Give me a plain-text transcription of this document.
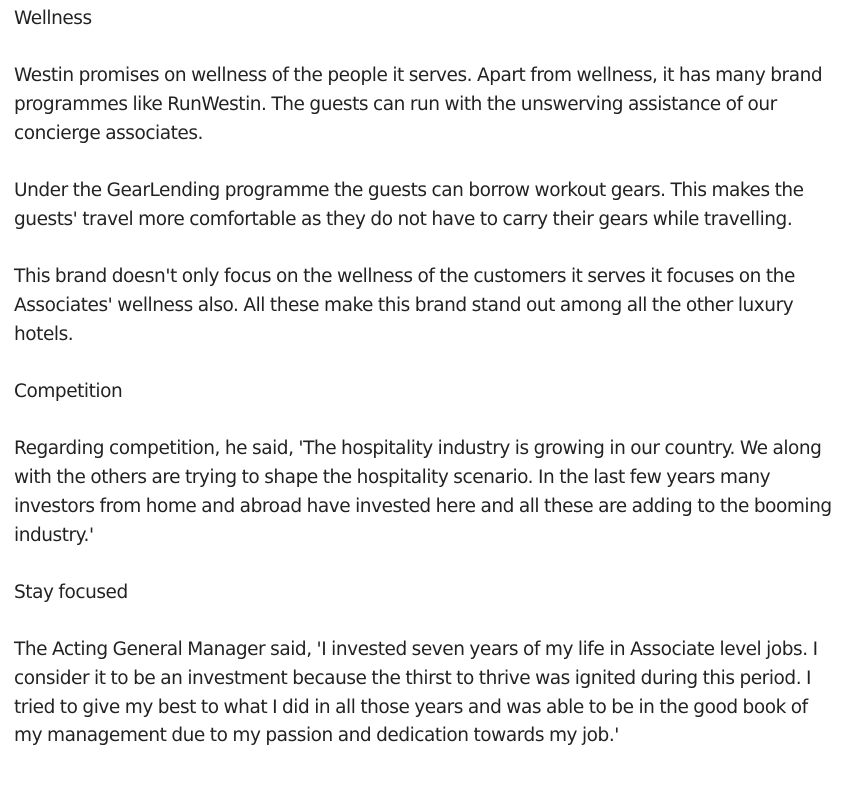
Wellness

Westin promises on wellness of the people it serves. Apart from wellness, it has many brand programmes like RunWestin. The guests can run with the unswerving assistance of our concierge associates.

Under the GearLending programme the guests can borrow workout gears. This makes the guests' travel more comfortable as they do not have to carry their gears while travelling.

This brand doesn't only focus on the wellness of the customers it serves it focuses on the Associates' wellness also. All these make this brand stand out among all the other luxury hotels.

Competition

Regarding competition, he said, 'The hospitality industry is growing in our country. We along with the others are trying to shape the hospitality scenario. In the last few years many investors from home and abroad have invested here and all these are adding to the booming industry.'

Stay focused

The Acting General Manager said, 'I invested seven years of my life in Associate level jobs. I consider it to be an investment because the thirst to thrive was ignited during this period. I tried to give my best to what I did in all those years and was able to be in the good book of my management due to my passion and dedication towards my job.'
